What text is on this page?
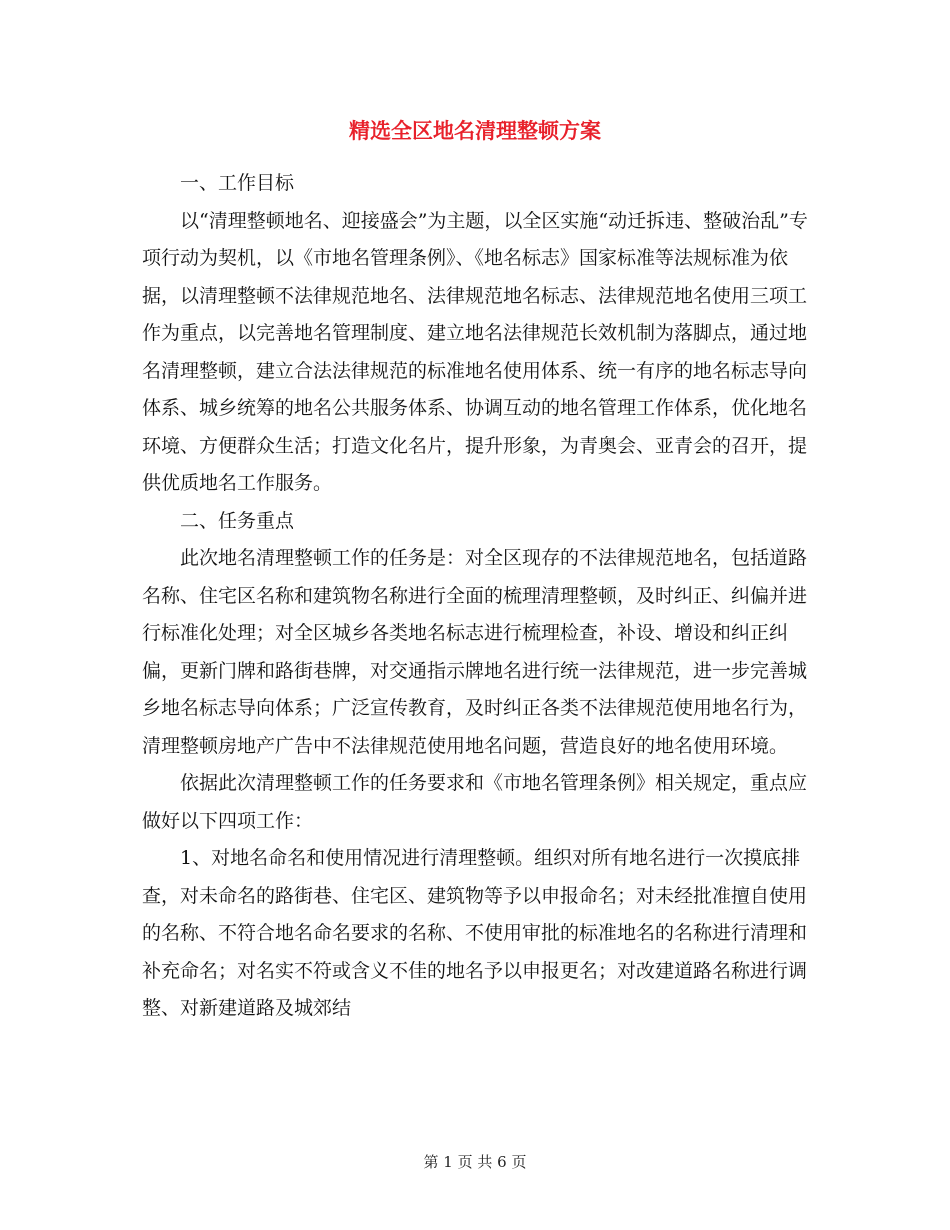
精选全区地名清理整顿方案

一、工作目标

以“清理整顿地名、迎接盛会”为主题，以全区实施“动迁拆违、整破治乱”专项行动为契机，以《市地名管理条例》、《地名标志》国家标准等法规标准为依据，以清理整顿不法律规范地名、法律规范地名标志、法律规范地名使用三项工作为重点，以完善地名管理制度、建立地名法律规范长效机制为落脚点，通过地名清理整顿，建立合法法律规范的标准地名使用体系、统一有序的地名标志导向体系、城乡统筹的地名公共服务体系、协调互动的地名管理工作体系，优化地名环境、方便群众生活；打造文化名片，提升形象，为青奥会、亚青会的召开，提供优质地名工作服务。

二、任务重点

此次地名清理整顿工作的任务是：对全区现存的不法律规范地名，包括道路名称、住宅区名称和建筑物名称进行全面的梳理清理整顿，及时纠正、纠偏并进行标准化处理；对全区城乡各类地名标志进行梳理检查，补设、增设和纠正纠偏，更新门牌和路街巷牌，对交通指示牌地名进行统一法律规范，进一步完善城乡地名标志导向体系；广泛宣传教育，及时纠正各类不法律规范使用地名行为，清理整顿房地产广告中不法律规范使用地名问题，营造良好的地名使用环境。

依据此次清理整顿工作的任务要求和《市地名管理条例》相关规定，重点应做好以下四项工作：

1、对地名命名和使用情况进行清理整顿。组织对所有地名进行一次摸底排查，对未命名的路街巷、住宅区、建筑物等予以申报命名；对未经批准擅自使用的名称、不符合地名命名要求的名称、不使用审批的标准地名的名称进行清理和补充命名；对名实不符或含义不佳的地名予以申报更名；对改建道路名称进行调整、对新建道路及城郊结

第 1 页 共 6 页
